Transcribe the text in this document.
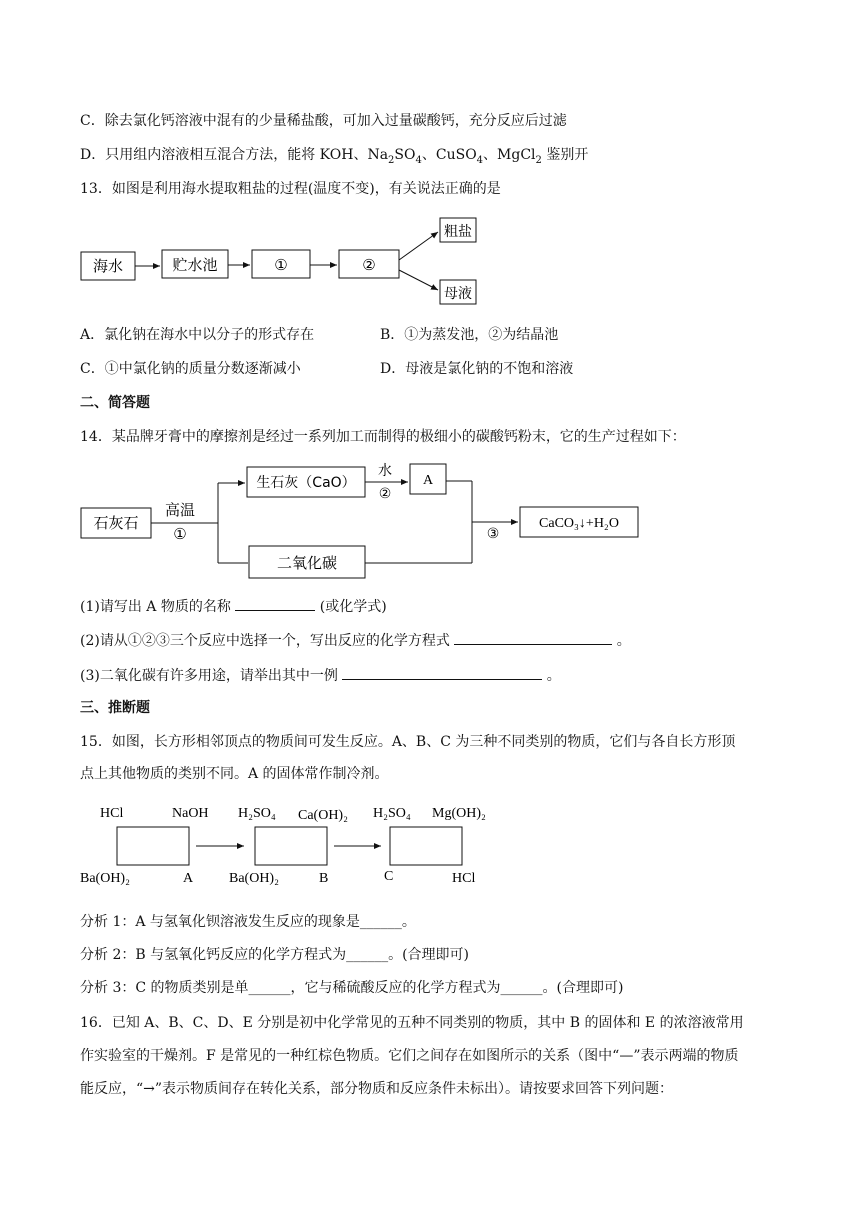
C．除去氯化钙溶液中混有的少量稀盐酸，可加入过量碳酸钙，充分反应后过滤
D．只用组内溶液相互混合方法，能将 KOH、$Na_2SO_4$、CuSO$_4$、MgCl$_2$ 鉴别开
13．如图是利用海水提取粗盐的过程(温度不变)，有关说法正确的是
海水	贮水池	①	②
粗盐
母液
A．氯化钠在海水中以分子的形式存在	B．①为蒸发池，②为结晶池
C．①中氯化钠的质量分数逐渐减小	D．母液是氯化钠的不饱和溶液
二、简答题
14．某品牌牙膏中的摩擦剂是经过一系列加工而制得的极细小的碳酸钙粉末，它的生产过程如下：
石灰石
高温
①
生石灰（CaO）
水
②
A
二氧化碳
③
CaCO₃↓+H₂O
(1)请写出 A 物质的名称	(或化学式)
(2)请从①②③三个反应中选择一个，写出反应的化学方程式	。
(3)二氧化碳有许多用途，请举出其中一例	。
三、推断题
15．如图，长方形相邻顶点的物质间可发生反应。A、B、C 为三种不同类别的物质，它们与各自长方形顶
点上其他物质的类别不同。A 的固体常作制冷剂。
HCl	NaOH
Ba(OH)₂	A
H₂SO₄ Ca(OH)₂
Ba(OH)₂	B
H₂SO₄ Mg(OH)₂
C	HCl
分析 1：A 与氢氧化钡溶液发生反应的现象是______。
分析 2：B 与氢氧化钙反应的化学方程式为______。(合理即可)
分析 3：C 的物质类别是单______，它与稀硫酸反应的化学方程式为______。(合理即可)
16．已知 A、B、C、D、E 分别是初中化学常见的五种不同类别的物质，其中 B 的固体和 E 的浓溶液常用
作实验室的干燥剂。F 是常见的一种红棕色物质。它们之间存在如图所示的关系（图中“—”表示两端的物质
能反应，“→”表示物质间存在转化关系，部分物质和反应条件未标出）。请按要求回答下列问题：
